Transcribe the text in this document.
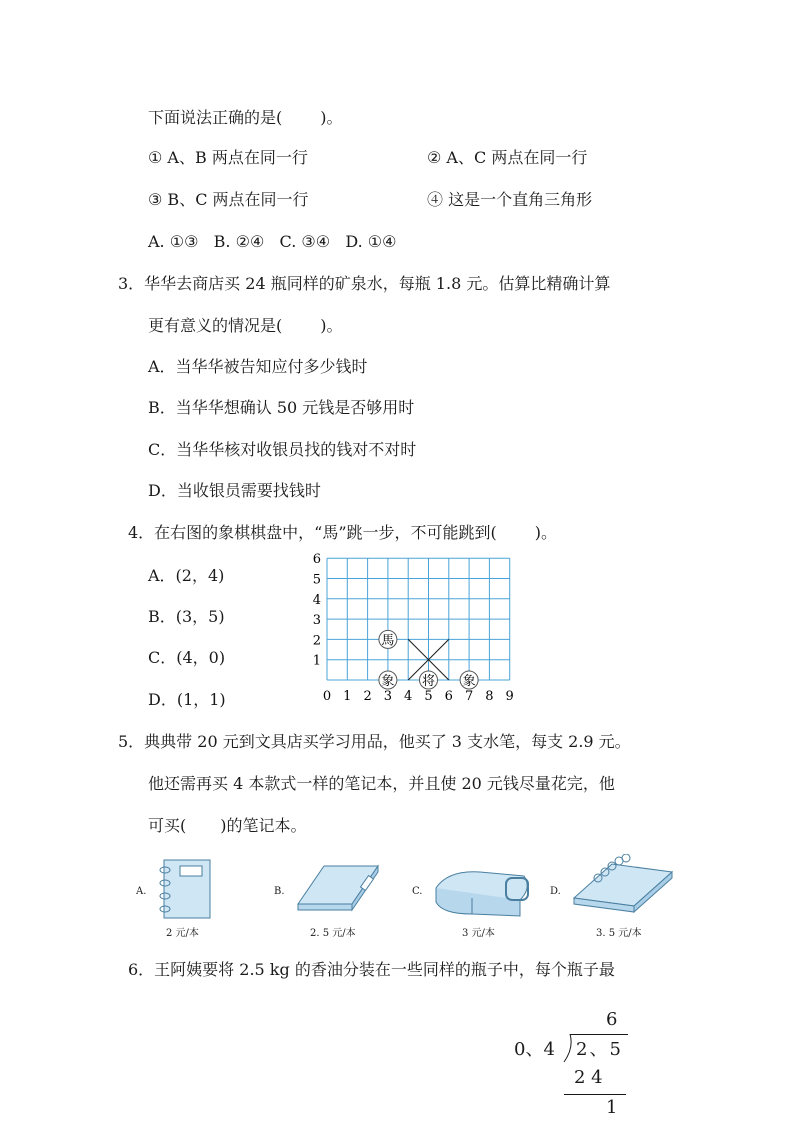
下面说法正确的是( )。
① A、B 两点在同一行	② A、C 两点在同一行
③ B、C 两点在同一行	④ 这是一个直角三角形
A. ①③   B. ②④   C. ③④   D. ①④
3．华华去商店买 24 瓶同样的矿泉水，每瓶 1.8 元。估算比精确计算
更有意义的情况是( )。
A．当华华被告知应付多少钱时
B．当华华想确认 50 元钱是否够用时
C．当华华核对收银员找的钱对不对时
D．当收银员需要找钱时
4．在右图的象棋棋盘中，“馬”跳一步，不可能跳到( )。
A．(2，4)
B．(3，5)
C．(4，0)
D．(1，1)	0 1 2 3 4 5 6 7 8 9
1
2
3
4
5
6
馬
象 将 象
5．典典带 20 元到文具店买学习用品，他买了 3 支水笔，每支 2.9 元。
他还需再买 4 本款式一样的笔记本，并且使 20 元钱尽量花完，他
可买( )的笔记本。
A.
2 元/本
B.
2. 5 元/本
C.
3 元/本
D.
3. 5 元/本
6．王阿姨要将 2.5 kg 的香油分装在一些同样的瓶子中，每个瓶子最
6
0、4 2、5
2 4
1
